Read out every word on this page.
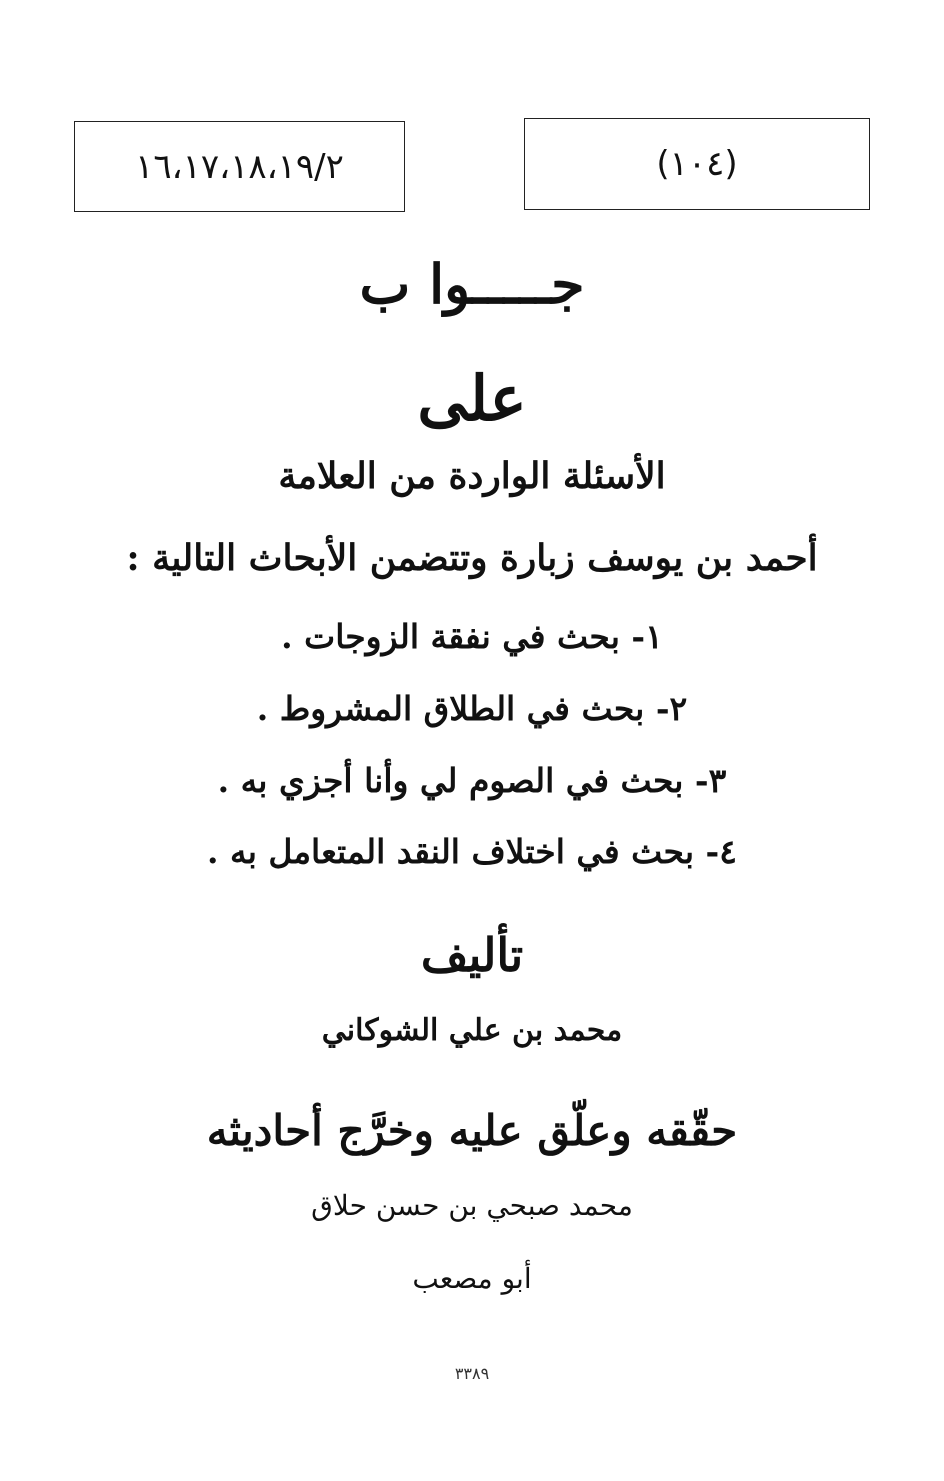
١٦،١٧،١٨،١٩/٢	(١٠٤)
جـــــوا ب
على
الأسئلة الواردة من العلامة
أحمد بن يوسف زبارة وتتضمن الأبحاث التالية :
١- بحث في نفقة الزوجات .
٢- بحث في الطلاق المشروط .
٣- بحث في الصوم لي وأنا أجزي به .
٤- بحث في اختلاف النقد المتعامل به .
تأليف
محمد بن علي الشوكاني
حقّقه وعلّق عليه وخرَّج أحاديثه
محمد صبحي بن حسن حلاق
أبو مصعب
٣٣٨٩
